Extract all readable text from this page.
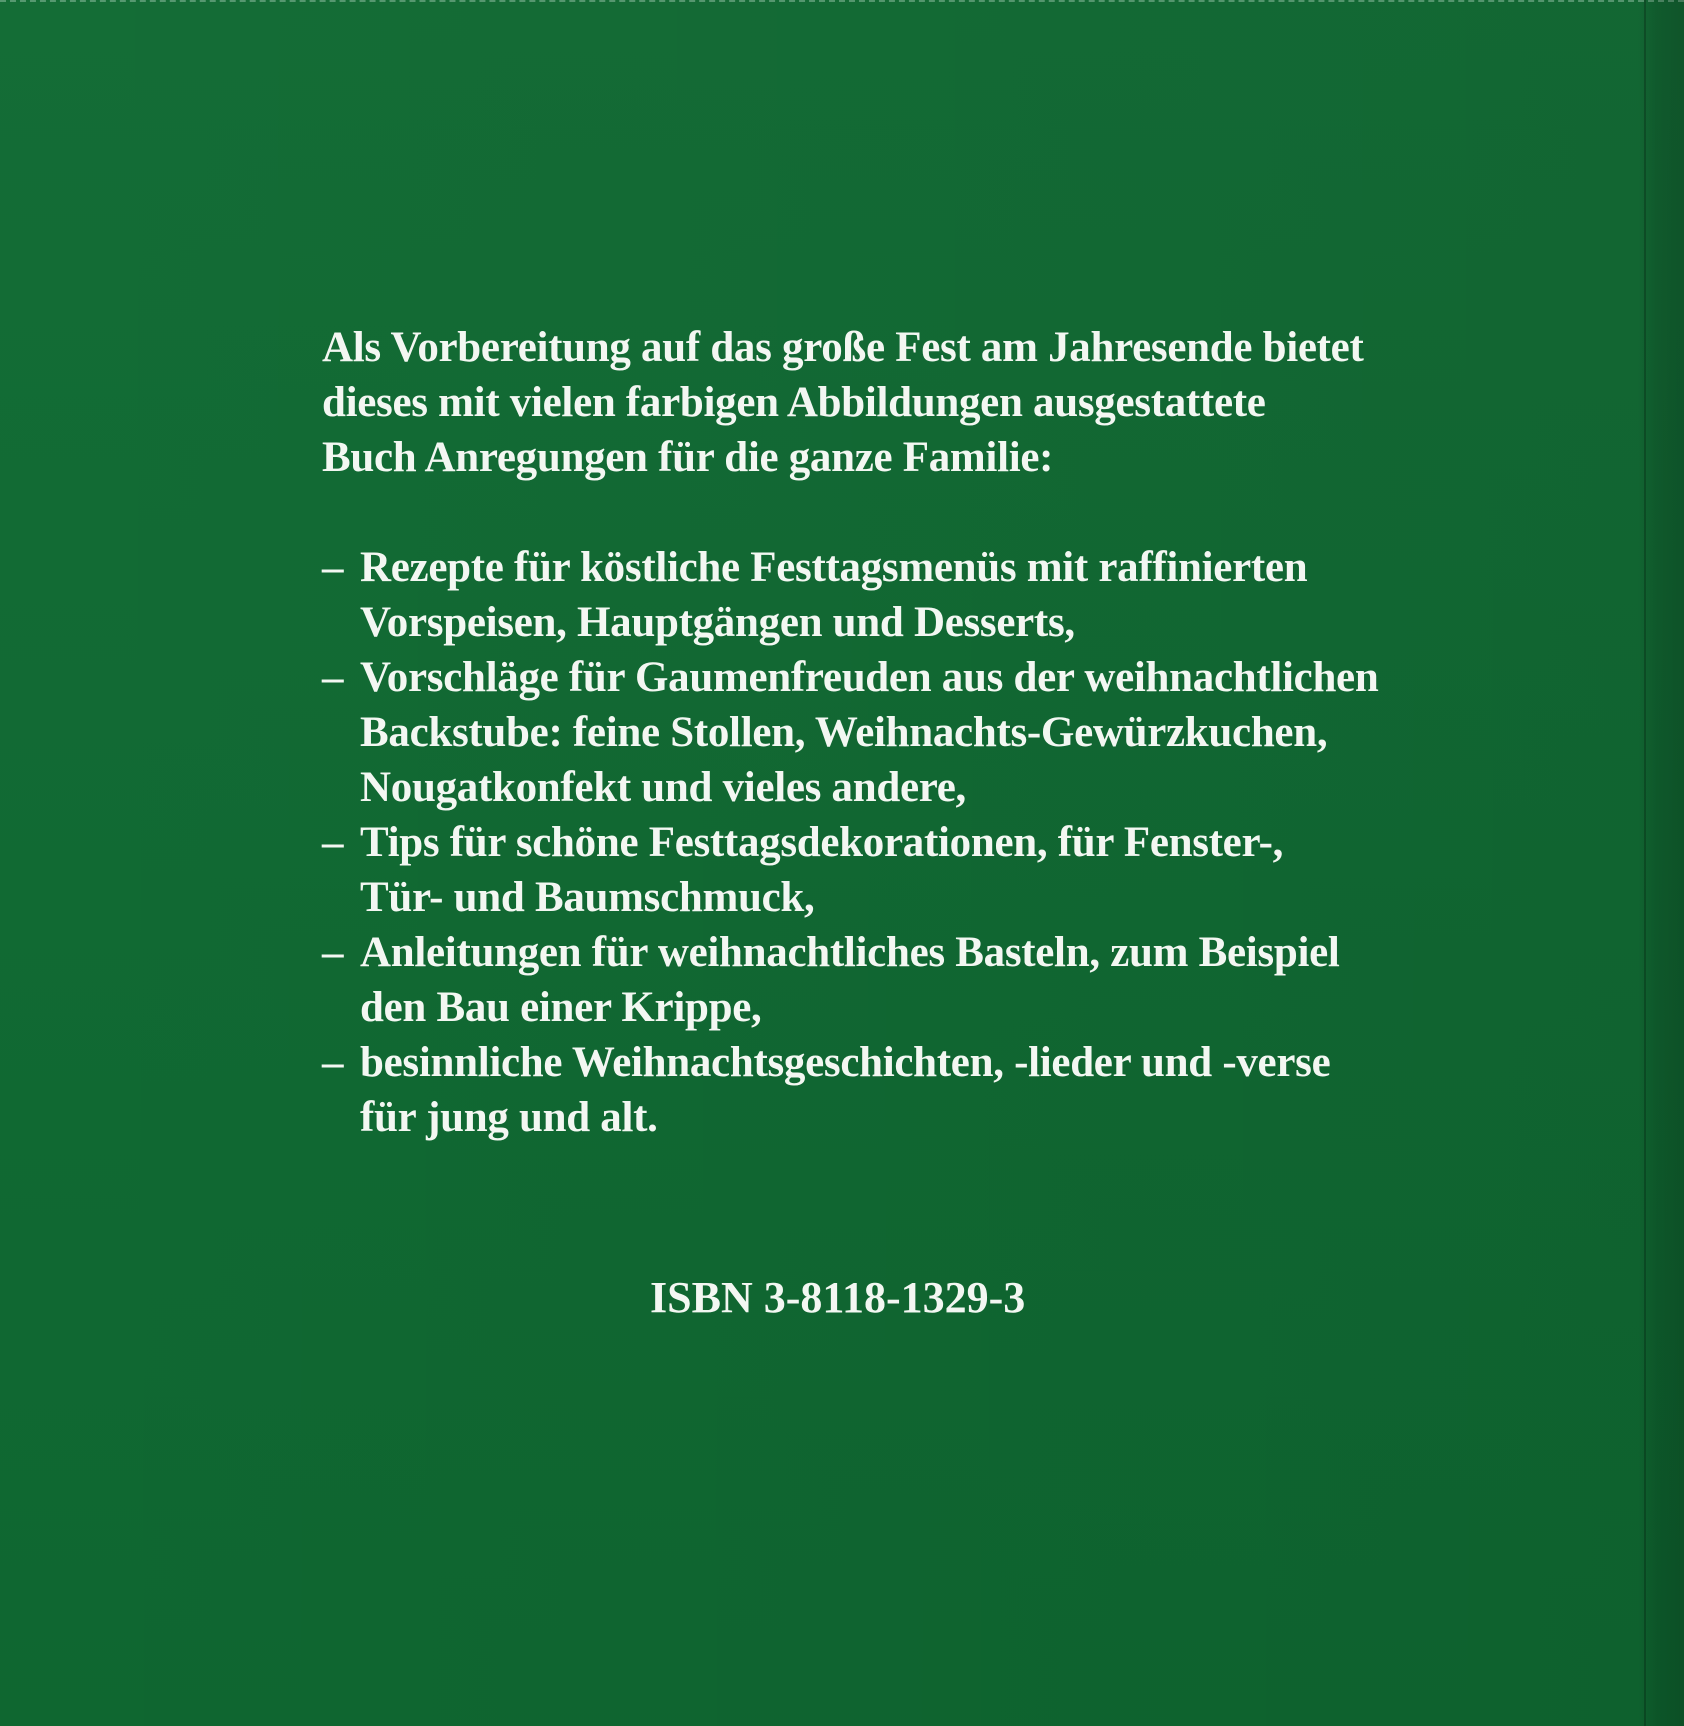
Als Vorbereitung auf das große Fest am Jahresende bietet
dieses mit vielen farbigen Abbildungen ausgestattete
Buch Anregungen für die ganze Familie:
– Rezepte für köstliche Festtagsmenüs mit raffinierten
Vorspeisen, Hauptgängen und Desserts,
– Vorschläge für Gaumenfreuden aus der weihnachtlichen
Backstube: feine Stollen, Weihnachts-Gewürzkuchen,
Nougatkonfekt und vieles andere,
– Tips für schöne Festtagsdekorationen, für Fenster-,
Tür- und Baumschmuck,
– Anleitungen für weihnachtliches Basteln, zum Beispiel
den Bau einer Krippe,
– besinnliche Weihnachtsgeschichten, -lieder und -verse
für jung und alt.
ISBN 3-8118-1329-3
